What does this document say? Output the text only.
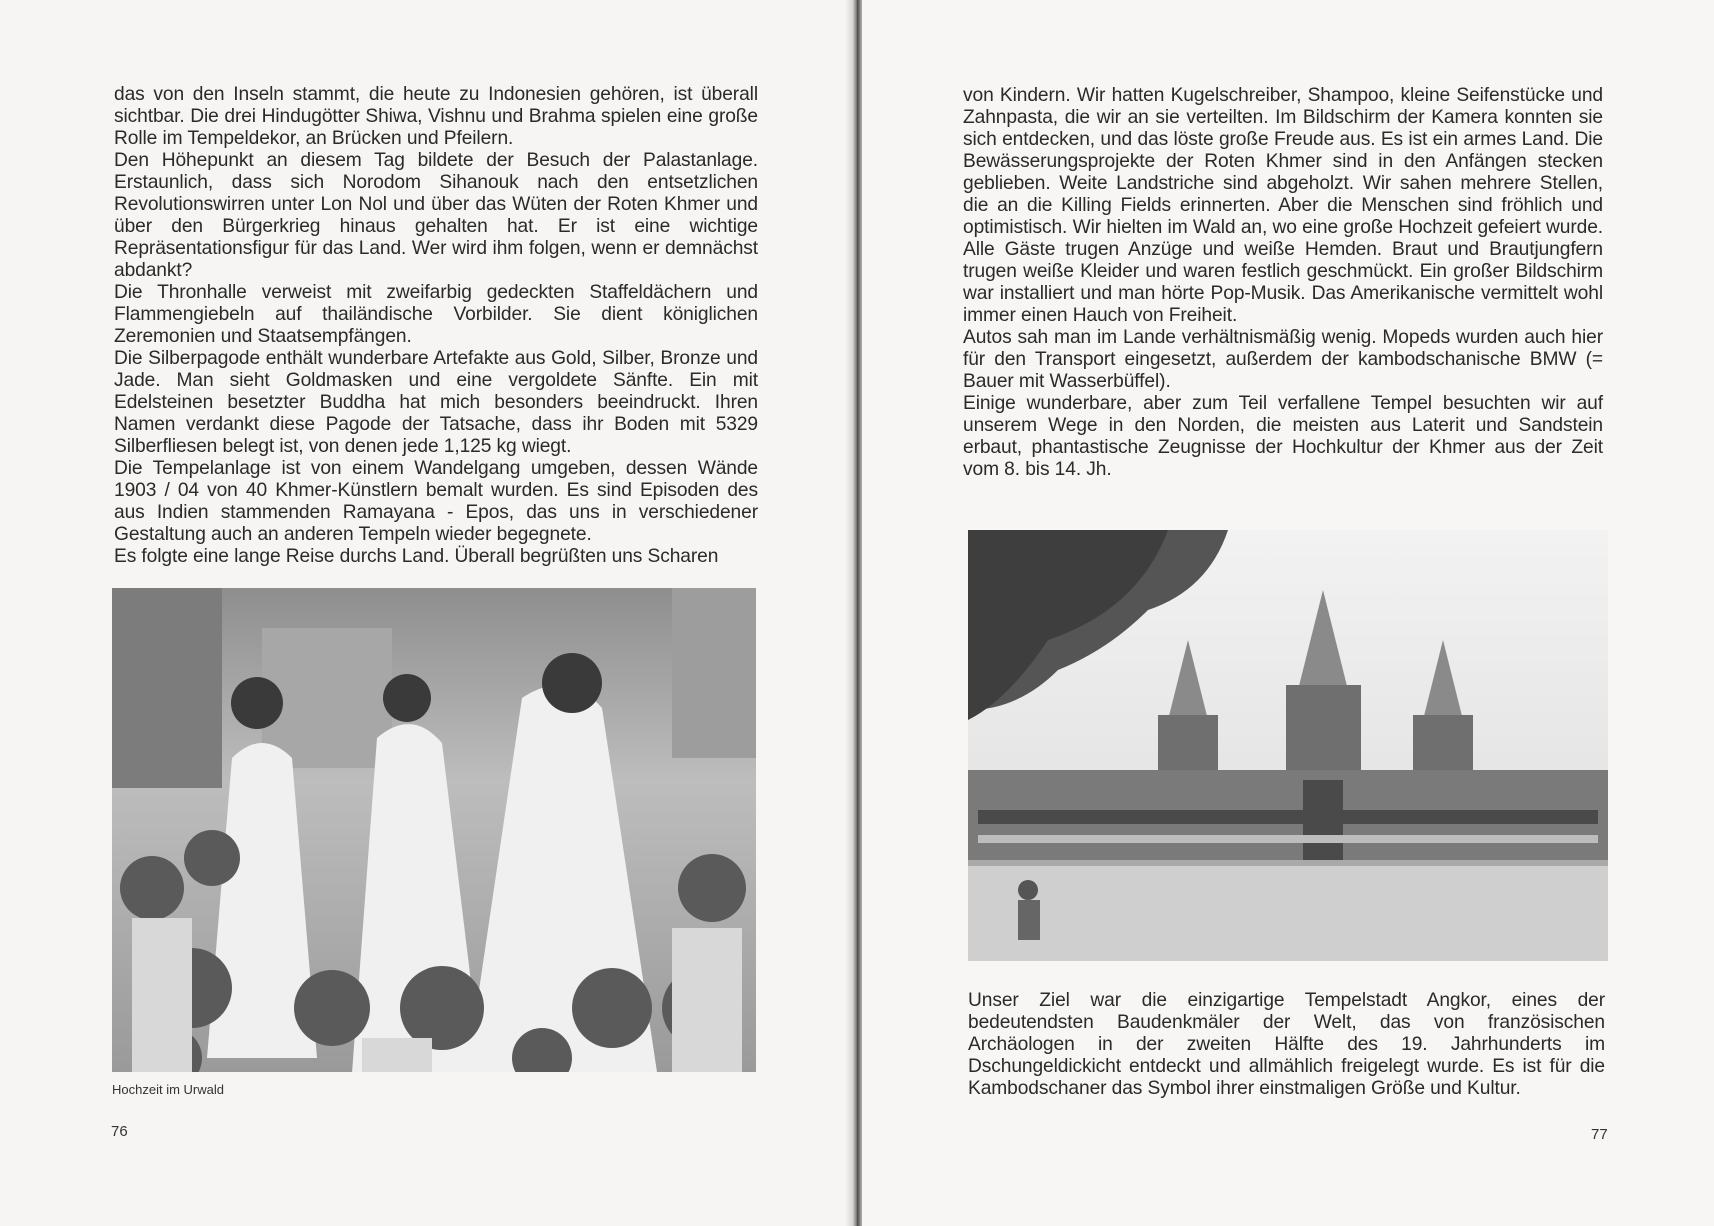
das von den Inseln stammt, die heute zu Indonesien gehören, ist überall sichtbar. Die drei Hindugötter Shiwa, Vishnu und Brahma spielen eine große Rolle im Tempeldekor, an Brücken und Pfeilern.

Den Höhepunkt an diesem Tag bildete der Besuch der Palastanlage. Erstaunlich, dass sich Norodom Sihanouk nach den entsetzlichen Revolutionswirren unter Lon Nol und über das Wüten der Roten Khmer und über den Bürgerkrieg hinaus gehalten hat. Er ist eine wichtige Repräsentationsfigur für das Land. Wer wird ihm folgen, wenn er demnächst abdankt?

Die Thronhalle verweist mit zweifarbig gedeckten Staffeldächern und Flammengiebeln auf thailändische Vorbilder. Sie dient königlichen Zeremonien und Staatsempfängen.

Die Silberpagode enthält wunderbare Artefakte aus Gold, Silber, Bronze und Jade. Man sieht Goldmasken und eine vergoldete Sänfte. Ein mit Edelsteinen besetzter Buddha hat mich besonders beeindruckt. Ihren Namen verdankt diese Pagode der Tatsache, dass ihr Boden mit 5329 Silberfliesen belegt ist, von denen jede 1,125 kg wiegt.

Die Tempelanlage ist von einem Wandelgang umgeben, dessen Wände 1903 / 04 von 40 Khmer-Künstlern bemalt wurden. Es sind Episoden des aus Indien stammenden Ramayana - Epos, das uns in verschiedener Gestaltung auch an anderen Tempeln wieder begegnete.

Es folgte eine lange Reise durchs Land. Überall begrüßten uns Scharen

Hochzeit im Urwald
76

von Kindern. Wir hatten Kugelschreiber, Shampoo, kleine Seifenstücke und Zahnpasta, die wir an sie verteilten. Im Bildschirm der Kamera konnten sie sich entdecken, und das löste große Freude aus. Es ist ein armes Land. Die Bewässerungsprojekte der Roten Khmer sind in den Anfängen stecken geblieben. Weite Landstriche sind abgeholzt. Wir sahen mehrere Stellen, die an die Killing Fields erinnerten. Aber die Menschen sind fröhlich und optimistisch. Wir hielten im Wald an, wo eine große Hochzeit gefeiert wurde. Alle Gäste trugen Anzüge und weiße Hemden. Braut und Brautjungfern trugen weiße Kleider und waren festlich geschmückt. Ein großer Bildschirm war installiert und man hörte Pop-Musik. Das Amerikanische vermittelt wohl immer einen Hauch von Freiheit.

Autos sah man im Lande verhältnismäßig wenig. Mopeds wurden auch hier für den Transport eingesetzt, außerdem der kambodschanische BMW (= Bauer mit Wasserbüffel).

Einige wunderbare, aber zum Teil verfallene Tempel besuchten wir auf unserem Wege in den Norden, die meisten aus Laterit und Sandstein erbaut, phantastische Zeugnisse der Hochkultur der Khmer aus der Zeit vom 8. bis 14. Jh.

Unser Ziel war die einzigartige Tempelstadt Angkor, eines der bedeutendsten Baudenkmäler der Welt, das von französischen Archäologen in der zweiten Hälfte des 19. Jahrhunderts im Dschungeldickicht entdeckt und allmählich freigelegt wurde. Es ist für die Kambodschaner das Symbol ihrer einstmaligen Größe und Kultur.

77
